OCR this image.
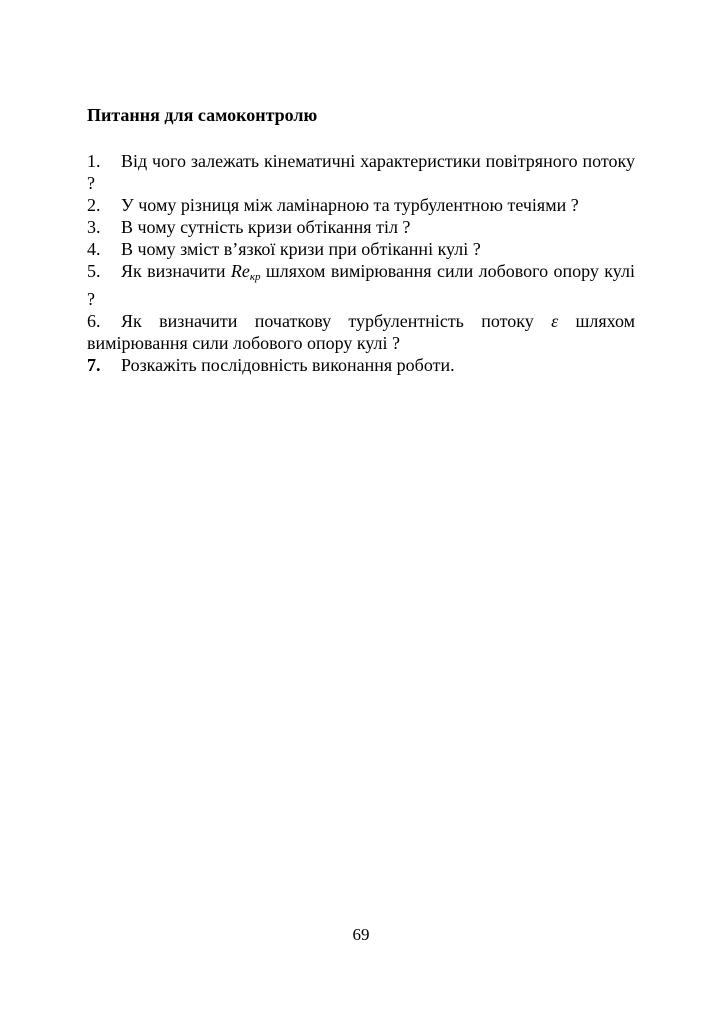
Питання для самоконтролю

1. Від чого залежать кінематичні характеристики повітряного потоку ?

2. У чому різниця між ламінарною та турбулентною течіями ?

3. В чому сутність кризи обтікання тіл ?

4. В чому зміст в’язкої кризи при обтіканні кулі ?

5. Як визначити $Re_{кр}$ шляхом вимірювання сили лобового опору кулі ?

6. Як визначити початкову турбулентність потоку ε шляхом вимірювання сили лобового опору кулі ?

7. Розкажіть послідовність виконання роботи.

69
